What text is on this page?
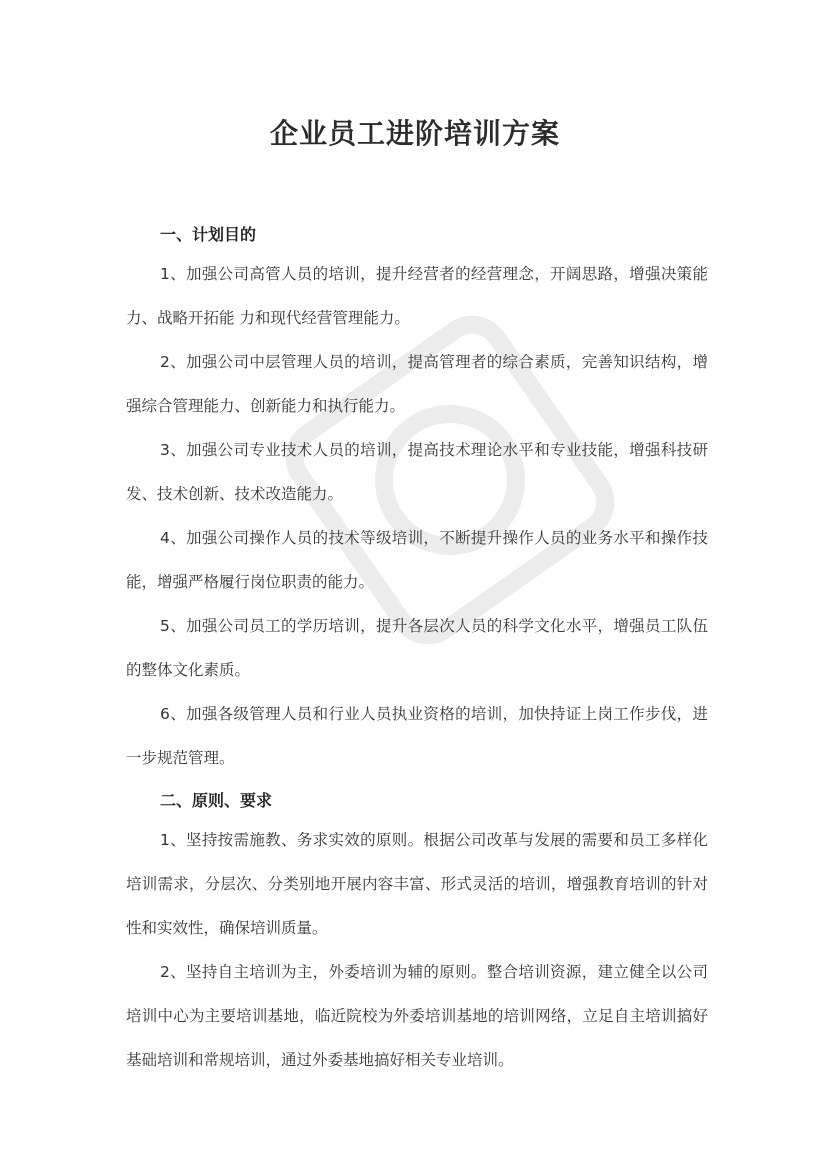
企业员工进阶培训方案
一、计划目的

1、加强公司高管人员的培训，提升经营者的经营理念，开阔思路，增强决策能力、战略开拓能 力和现代经营管理能力。

2、加强公司中层管理人员的培训，提高管理者的综合素质，完善知识结构，增强综合管理能力、创新能力和执行能力。

3、加强公司专业技术人员的培训，提高技术理论水平和专业技能，增强科技研发、技术创新、技术改造能力。

4、加强公司操作人员的技术等级培训，不断提升操作人员的业务水平和操作技能，增强严格履行岗位职责的能力。

5、加强公司员工的学历培训，提升各层次人员的科学文化水平，增强员工队伍的整体文化素质。

6、加强各级管理人员和行业人员执业资格的培训，加快持证上岗工作步伐，进一步规范管理。

二、原则、要求

1、坚持按需施教、务求实效的原则。根据公司改革与发展的需要和员工多样化培训需求，分层次、分类别地开展内容丰富、形式灵活的培训，增强教育培训的针对性和实效性，确保培训质量。

2、坚持自主培训为主，外委培训为辅的原则。整合培训资源，建立健全以公司培训中心为主要培训基地，临近院校为外委培训基地的培训网络，立足自主培训搞好基础培训和常规培训，通过外委基地搞好相关专业培训。
